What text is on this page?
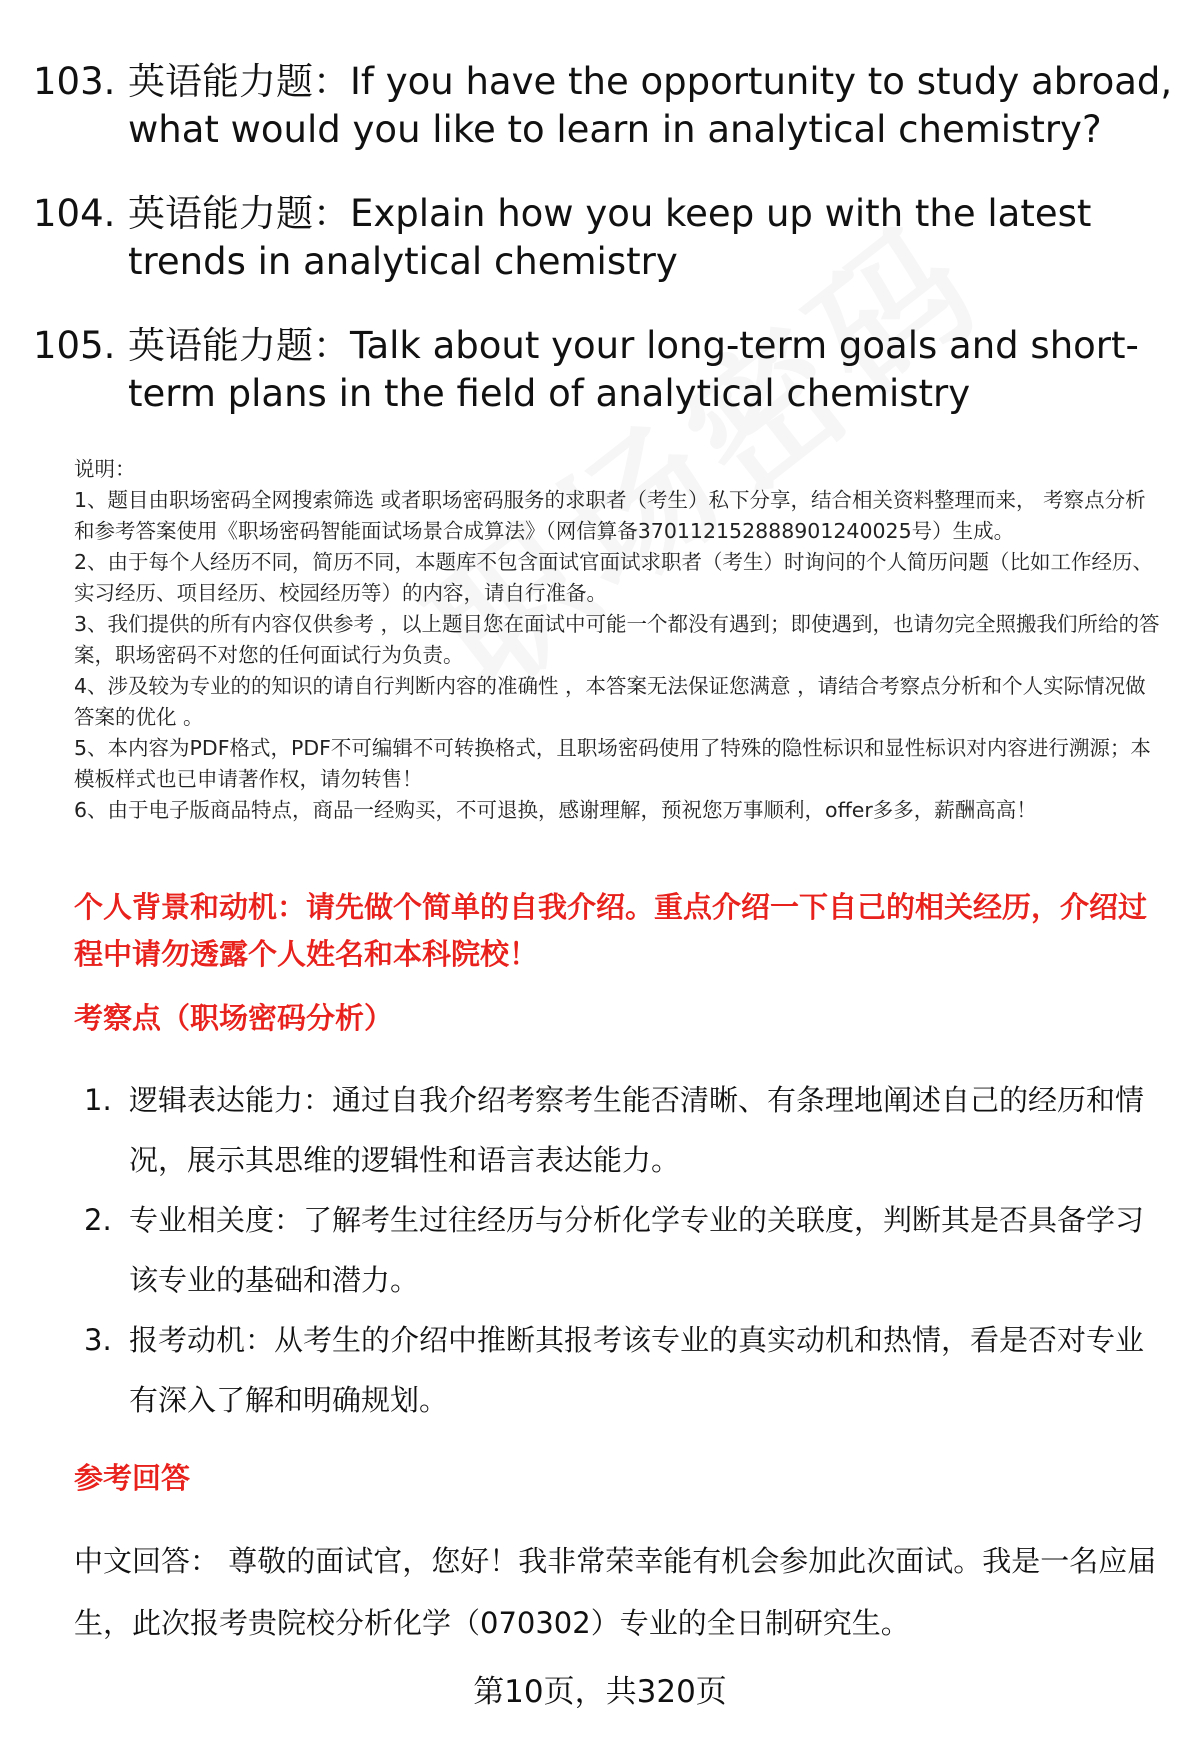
103. 英语能力题：If you have the opportunity to study abroad, what would you like to learn in analytical chemistry?
104. 英语能力题：Explain how you keep up with the latest trends in analytical chemistry
105. 英语能力题：Talk about your long-term goals and short-term plans in the field of analytical chemistry

说明：

1、题目由职场密码全网搜索筛选 或者职场密码服务的求职者（考生）私下分享，结合相关资料整理而来， 考察点分析和参考答案使用《职场密码智能面试场景合成算法》（网信算备370112152888901240025号）生成。

2、由于每个人经历不同，简历不同，本题库不包含面试官面试求职者（考生）时询问的个人简历问题（比如工作经历、实习经历、项目经历、校园经历等）的内容，请自行准备。

3、我们提供的所有内容仅供参考 ，以上题目您在面试中可能一个都没有遇到；即使遇到，也请勿完全照搬我们所给的答案，职场密码不对您的任何面试行为负责。

4、涉及较为专业的的知识的请自行判断内容的准确性 ，本答案无法保证您满意 ，请结合考察点分析和个人实际情况做答案的优化 。

5、本内容为PDF格式，PDF不可编辑不可转换格式，且职场密码使用了特殊的隐性标识和显性标识对内容进行溯源；本模板样式也已申请著作权，请勿转售！

6、由于电子版商品特点，商品一经购买，不可退换，感谢理解，预祝您万事顺利，offer多多，薪酬高高！

个人背景和动机：请先做个简单的自我介绍。重点介绍一下自己的相关经历，介绍过程中请勿透露个人姓名和本科院校！
考察点（职场密码分析）
1. 逻辑表达能力：通过自我介绍考察考生能否清晰、有条理地阐述自己的经历和情况，展示其思维的逻辑性和语言表达能力。
2. 专业相关度：了解考生过往经历与分析化学专业的关联度，判断其是否具备学习该专业的基础和潜力。
3. 报考动机：从考生的介绍中推断其报考该专业的真实动机和热情，看是否对专业有深入了解和明确规划。
参考回答
中文回答： 尊敬的面试官，您好！我非常荣幸能有机会参加此次面试。我是一名应届生，此次报考贵院校分析化学（070302）专业的全日制研究生。
第10页，共320页
